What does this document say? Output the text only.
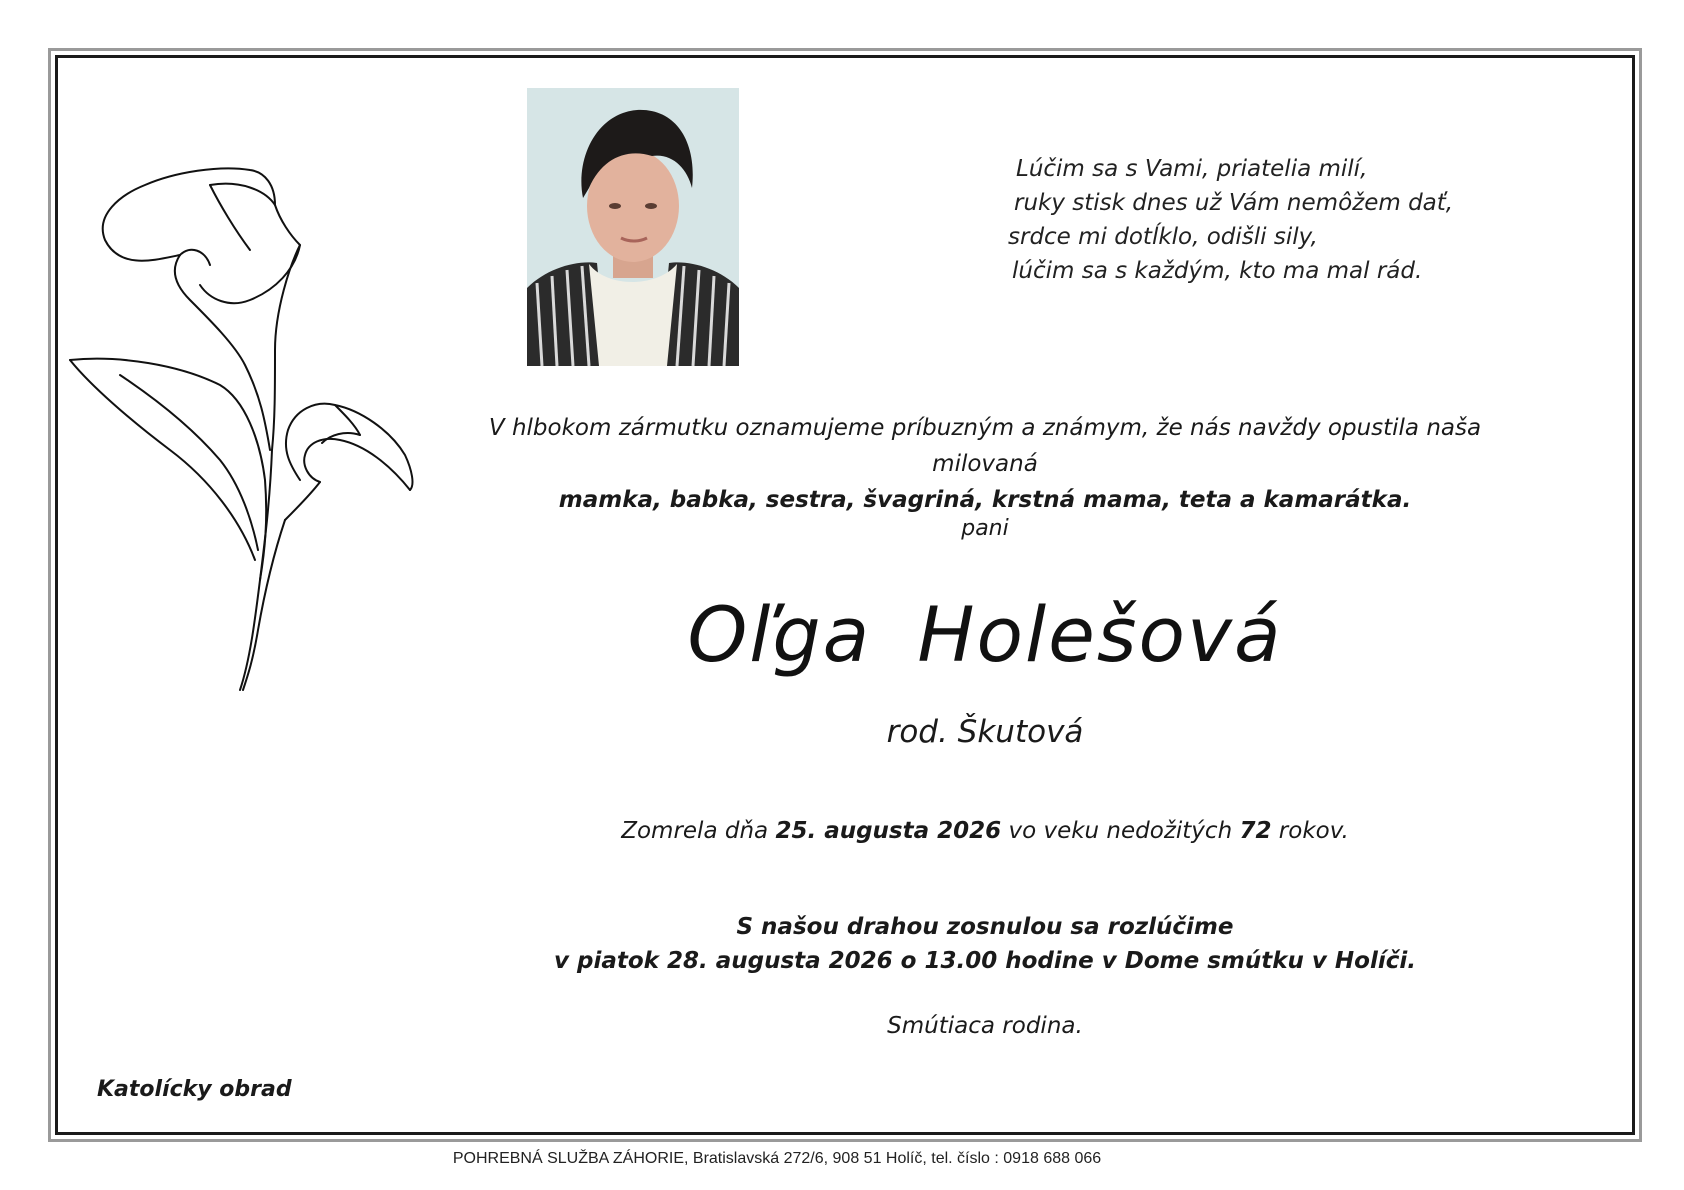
Lúčim sa s Vami, priatelia milí,
ruky stisk dnes už Vám nemôžem dať,
srdce mi dotĺklo, odišli sily,
lúčim sa s každým, kto ma mal rád.
V hlbokom zármutku oznamujeme príbuzným a známym, že nás navždy opustila naša milovaná
mamka, babka, sestra, švagriná, krstná mama, teta a kamarátka.
pani
Oľga Holešová
rod. Škutová
Zomrela dňa 25. augusta 2026 vo veku nedožitých 72 rokov.
S našou drahou zosnulou sa rozlúčime
v piatok 28. augusta 2026 o 13.00 hodine v Dome smútku v Holíči.
Smútiaca rodina.
Katolícky obrad
POHREBNÁ SLUŽBA ZÁHORIE, Bratislavská 272/6, 908 51 Holíč, tel. číslo : 0918 688 066
